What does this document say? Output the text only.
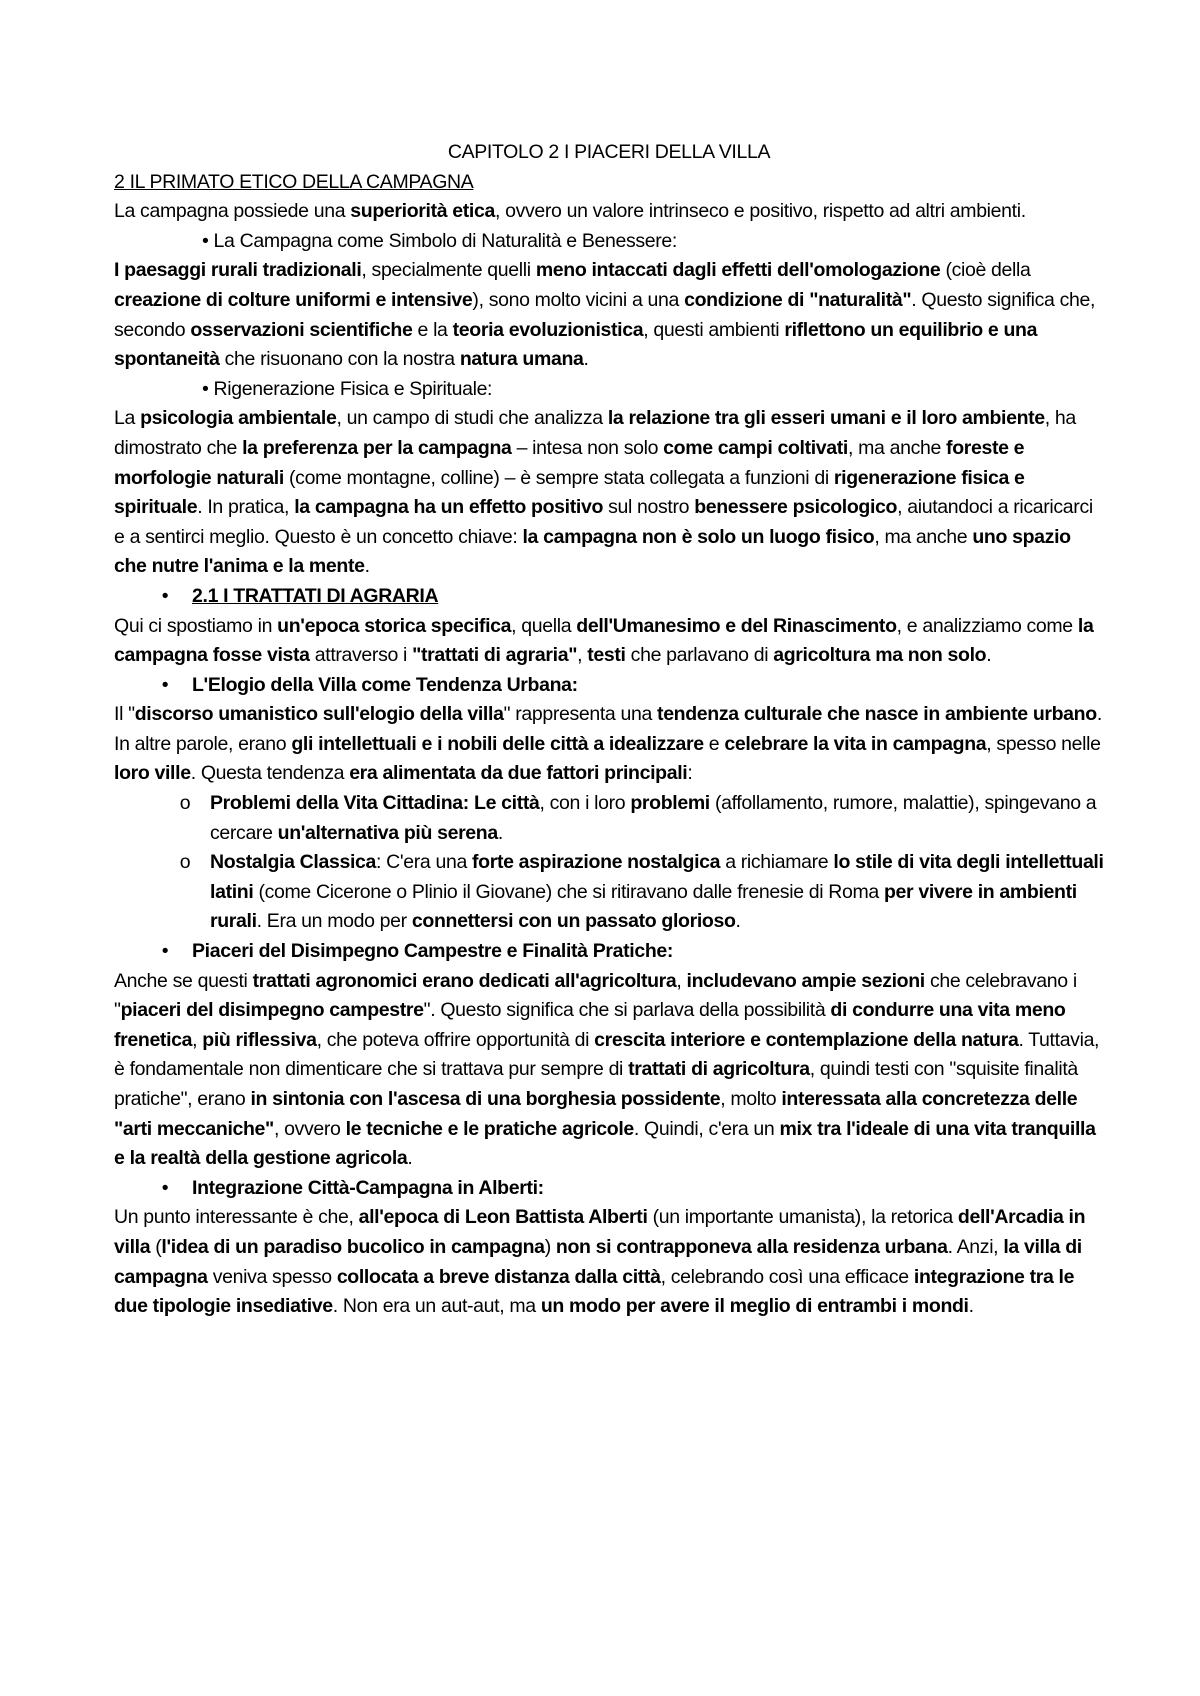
CAPITOLO 2 I PIACERI DELLA VILLA

2 IL PRIMATO ETICO DELLA CAMPAGNA

La campagna possiede una superiorità etica, ovvero un valore intrinseco e positivo, rispetto ad altri ambienti.

• La Campagna come Simbolo di Naturalità e Benessere:

I paesaggi rurali tradizionali, specialmente quelli meno intaccati dagli effetti dell'omologazione (cioè della creazione di colture uniformi e intensive), sono molto vicini a una condizione di "naturalità". Questo significa che, secondo osservazioni scientifiche e la teoria evoluzionistica, questi ambienti riflettono un equilibrio e una spontaneità che risuonano con la nostra natura umana.

• Rigenerazione Fisica e Spirituale:

La psicologia ambientale, un campo di studi che analizza la relazione tra gli esseri umani e il loro ambiente, ha dimostrato che la preferenza per la campagna – intesa non solo come campi coltivati, ma anche foreste e morfologie naturali (come montagne, colline) – è sempre stata collegata a funzioni di rigenerazione fisica e spirituale. In pratica, la campagna ha un effetto positivo sul nostro benessere psicologico, aiutandoci a ricaricarci e a sentirci meglio. Questo è un concetto chiave: la campagna non è solo un luogo fisico, ma anche uno spazio che nutre l'anima e la mente.

• 2.1 I TRATTATI DI AGRARIA

Qui ci spostiamo in un'epoca storica specifica, quella dell'Umanesimo e del Rinascimento, e analizziamo come la campagna fosse vista attraverso i "trattati di agraria", testi che parlavano di agricoltura ma non solo.

• L'Elogio della Villa come Tendenza Urbana:

Il "discorso umanistico sull'elogio della villa" rappresenta una tendenza culturale che nasce in ambiente urbano. In altre parole, erano gli intellettuali e i nobili delle città a idealizzare e celebrare la vita in campagna, spesso nelle loro ville. Questa tendenza era alimentata da due fattori principali:

o Problemi della Vita Cittadina: Le città, con i loro problemi (affollamento, rumore, malattie), spingevano a cercare un'alternativa più serena.

o Nostalgia Classica: C'era una forte aspirazione nostalgica a richiamare lo stile di vita degli intellettuali latini (come Cicerone o Plinio il Giovane) che si ritiravano dalle frenesie di Roma per vivere in ambienti rurali. Era un modo per connettersi con un passato glorioso.

• Piaceri del Disimpegno Campestre e Finalità Pratiche:

Anche se questi trattati agronomici erano dedicati all'agricoltura, includevano ampie sezioni che celebravano i "piaceri del disimpegno campestre". Questo significa che si parlava della possibilità di condurre una vita meno frenetica, più riflessiva, che poteva offrire opportunità di crescita interiore e contemplazione della natura. Tuttavia, è fondamentale non dimenticare che si trattava pur sempre di trattati di agricoltura, quindi testi con "squisite finalità pratiche", erano in sintonia con l'ascesa di una borghesia possidente, molto interessata alla concretezza delle "arti meccaniche", ovvero le tecniche e le pratiche agricole. Quindi, c'era un mix tra l'ideale di una vita tranquilla e la realtà della gestione agricola.

• Integrazione Città-Campagna in Alberti:

Un punto interessante è che, all'epoca di Leon Battista Alberti (un importante umanista), la retorica dell'Arcadia in villa (l'idea di un paradiso bucolico in campagna) non si contrapponeva alla residenza urbana. Anzi, la villa di campagna veniva spesso collocata a breve distanza dalla città, celebrando così una efficace integrazione tra le due tipologie insediative. Non era un aut-aut, ma un modo per avere il meglio di entrambi i mondi.
